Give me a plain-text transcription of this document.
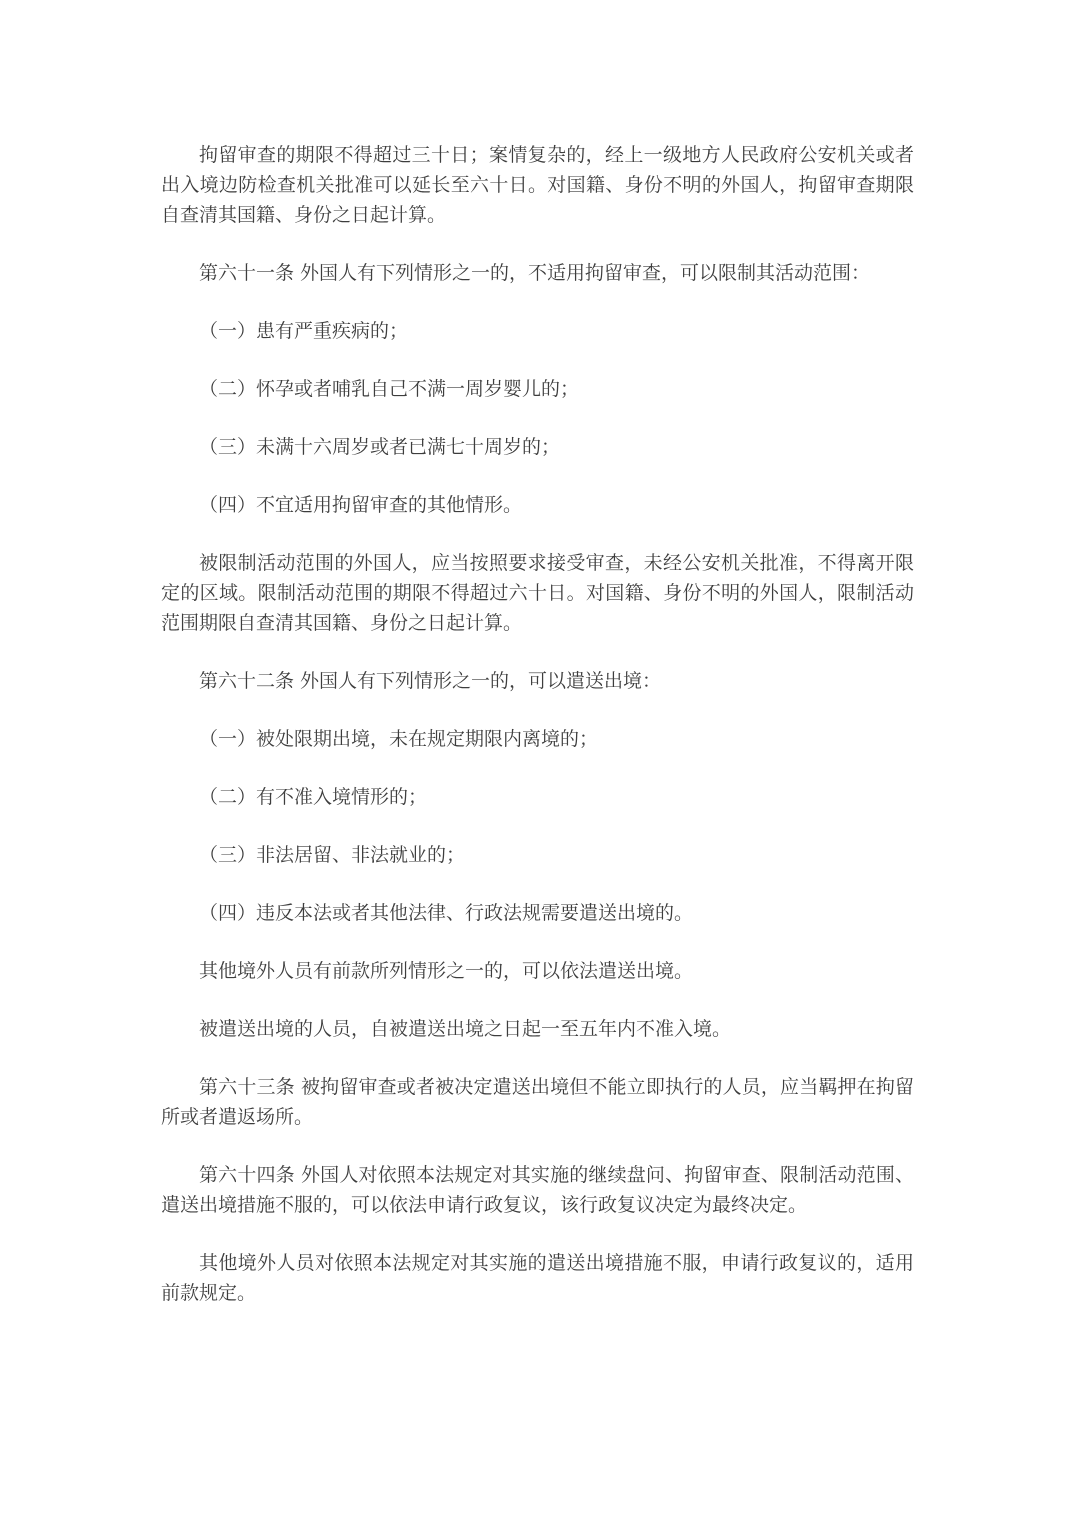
拘留审查的期限不得超过三十日；案情复杂的，经上一级地方人民政府公安机关或者出入境边防检查机关批准可以延长至六十日。对国籍、身份不明的外国人，拘留审查期限自查清其国籍、身份之日起计算。

第六十一条 外国人有下列情形之一的，不适用拘留审查，可以限制其活动范围：

（一）患有严重疾病的；

（二）怀孕或者哺乳自己不满一周岁婴儿的；

（三）未满十六周岁或者已满七十周岁的；

（四）不宜适用拘留审查的其他情形。

被限制活动范围的外国人，应当按照要求接受审查，未经公安机关批准，不得离开限定的区域。限制活动范围的期限不得超过六十日。对国籍、身份不明的外国人，限制活动范围期限自查清其国籍、身份之日起计算。

第六十二条 外国人有下列情形之一的，可以遣送出境：

（一）被处限期出境，未在规定期限内离境的；

（二）有不准入境情形的；

（三）非法居留、非法就业的；

（四）违反本法或者其他法律、行政法规需要遣送出境的。

其他境外人员有前款所列情形之一的，可以依法遣送出境。

被遣送出境的人员，自被遣送出境之日起一至五年内不准入境。

第六十三条 被拘留审查或者被决定遣送出境但不能立即执行的人员，应当羁押在拘留所或者遣返场所。

第六十四条 外国人对依照本法规定对其实施的继续盘问、拘留审查、限制活动范围、遣送出境措施不服的，可以依法申请行政复议，该行政复议决定为最终决定。

其他境外人员对依照本法规定对其实施的遣送出境措施不服，申请行政复议的，适用前款规定。
